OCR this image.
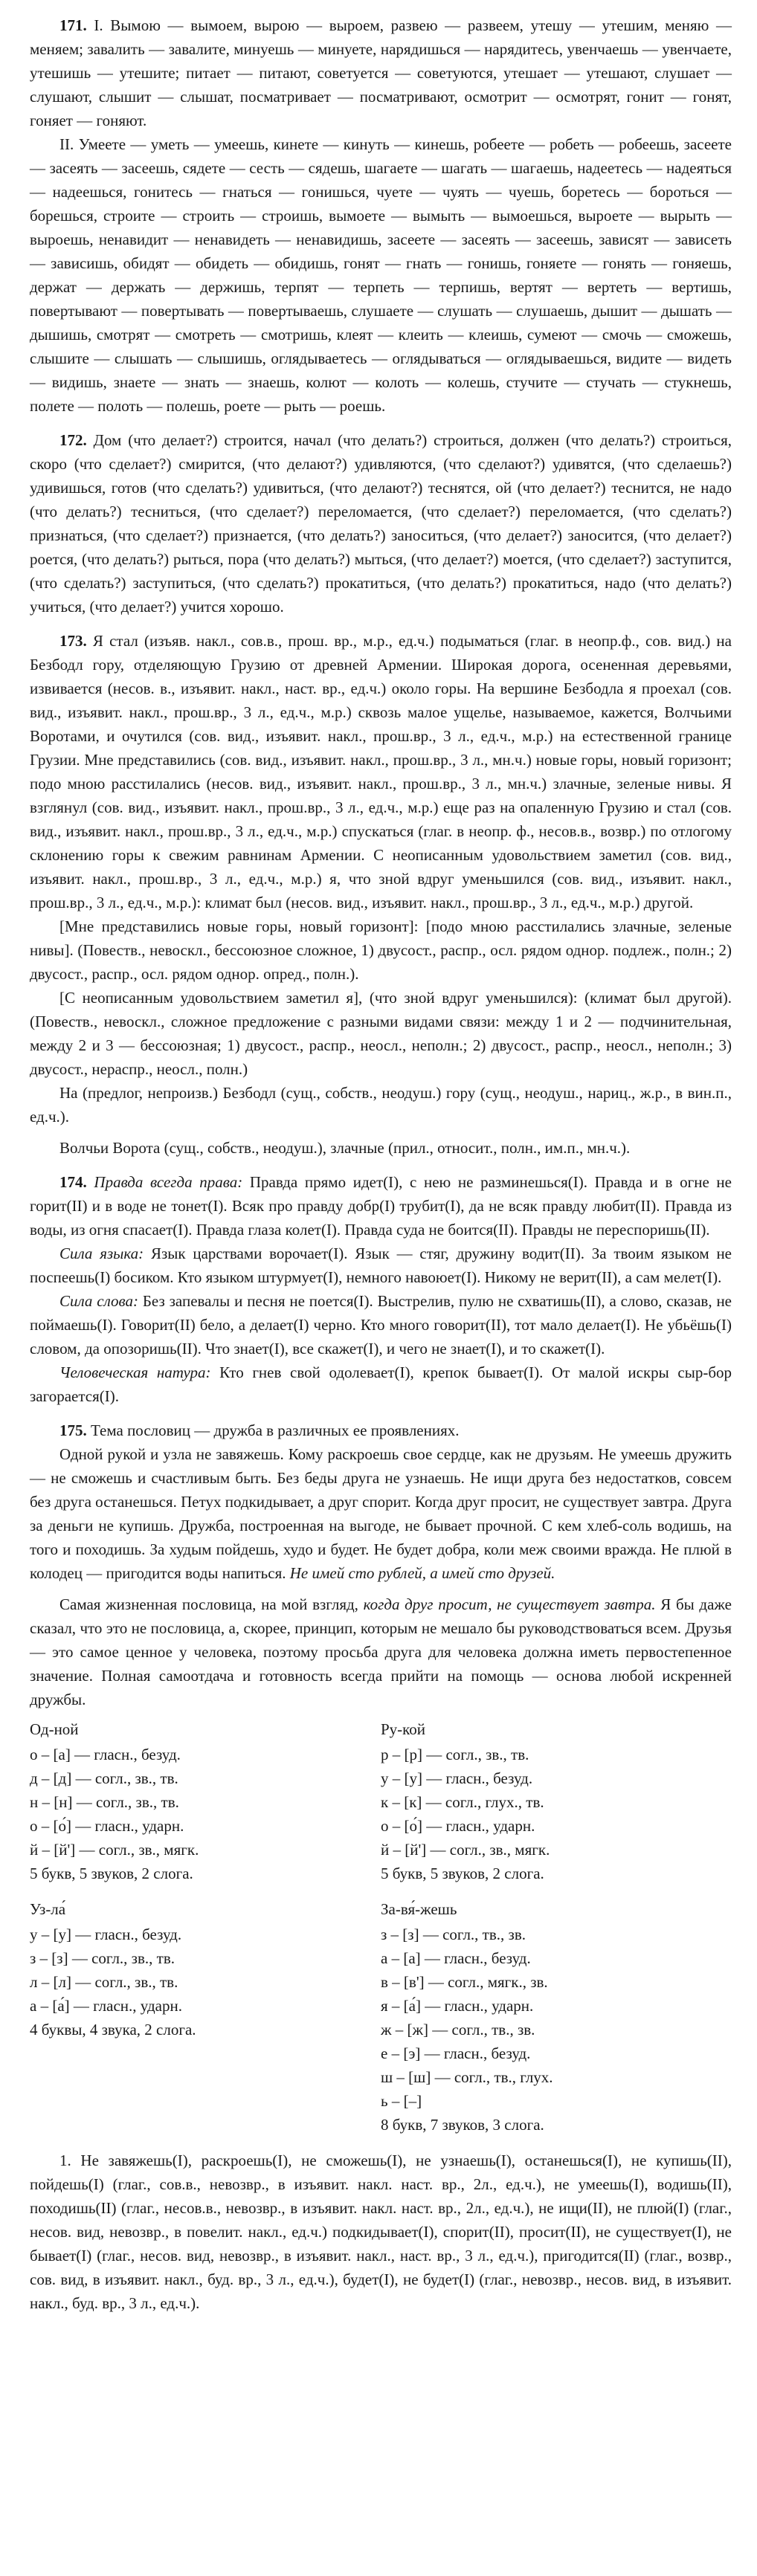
171. I. Вымою — вымоем, вырою — выроем, развею — развеем, утешу — утешим, меняю — меняем; завалить — завалите, минуешь — минуете, нарядишься — нарядитесь, увенчаешь — увенчаете, утешишь — утешите; питает — питают, советуется — советуются, утешает — утешают, слушает — слушают, слышит — слышат, посматривает — посматривают, осмотрит — осмотрят, гонит — гонят, гоняет — гоняют.

II. Умеете — уметь — умеешь, кинете — кинуть — кинешь, робеете — робеть — робеешь, засеете — засеять — засеешь, сядете — сесть — сядешь, шагаете — шагать — шагаешь, надеетесь — надеяться — надеешься, гонитесь — гнаться — гонишься, чуете — чуять — чуешь, боретесь — бороться — борешься, строите — строить — строишь, вымоете — вымыть — вымоешься, выроете — вырыть — выроешь, ненавидит — ненавидеть — ненавидишь, засеете — засеять — засеешь, зависят — зависеть — зависишь, обидят — обидеть — обидишь, гонят — гнать — гонишь, гоняете — гонять — гоняешь, держат — держать — держишь, терпят — терпеть — терпишь, вертят — вертеть — вертишь, повертывают — повертывать — повертываешь, слушаете — слушать — слушаешь, дышит — дышать — дышишь, смотрят — смотреть — смотришь, клеят — клеить — клеишь, сумеют — смочь — сможешь, слышите — слышать — слышишь, оглядываетесь — оглядываться — оглядываешься, видите — видеть — видишь, знаете — знать — знаешь, колют — колоть — колешь, стучите — стучать — стукнешь, полете — полоть — полешь, роете — рыть — роешь.

172. Дом (что делает?) строится, начал (что делать?) строиться, должен (что делать?) строиться, скоро (что сделает?) смирится, (что делают?) удивляются, (что сделают?) удивятся, (что сделаешь?) удивишься, готов (что сделать?) удивиться, (что делают?) теснятся, ой (что делает?) теснится, не надо (что делать?) тесниться, (что сделает?) переломается, (что сделает?) переломается, (что сделать?) признаться, (что сделает?) признается, (что делать?) заноситься, (что делает?) заносится, (что делает?) роется, (что делать?) рыться, пора (что делать?) мыться, (что делает?) моется, (что сделает?) заступится, (что сделать?) заступиться, (что сделать?) прокатиться, (что делать?) прокатиться, надо (что делать?) учиться, (что делает?) учится хорошо.

173. Я стал (изъяв. накл., сов.в., прош. вр., м.р., ед.ч.) подыматься (глаг. в неопр.ф., сов. вид.) на Безбодл гору, отделяющую Грузию от древней Армении. Широкая дорога, осененная деревьями, извивается (несов. в., изъявит. накл., наст. вр., ед.ч.) около горы. На вершине Безбодла я проехал (сов. вид., изъявит. накл., прош.вр., 3 л., ед.ч., м.р.) сквозь малое ущелье, называемое, кажется, Волчьими Воротами, и очутился (сов. вид., изъявит. накл., прош.вр., 3 л., ед.ч., м.р.) на естественной границе Грузии. Мне представились (сов. вид., изъявит. накл., прош.вр., 3 л., мн.ч.) новые горы, новый горизонт; подо мною расстилались (несов. вид., изъявит. накл., прош.вр., 3 л., мн.ч.) злачные, зеленые нивы. Я взглянул (сов. вид., изъявит. накл., прош.вр., 3 л., ед.ч., м.р.) еще раз на опаленную Грузию и стал (сов. вид., изъявит. накл., прош.вр., 3 л., ед.ч., м.р.) спускаться (глаг. в неопр. ф., несов.в., возвр.) по отлогому склонению горы к свежим равнинам Армении. С неописанным удовольствием заметил (сов. вид., изъявит. накл., прош.вр., 3 л., ед.ч., м.р.) я, что зной вдруг уменьшился (сов. вид., изъявит. накл., прош.вр., 3 л., ед.ч., м.р.): климат был (несов. вид., изъявит. накл., прош.вр., 3 л., ед.ч., м.р.) другой.

[Мне представились новые горы, новый горизонт]: [подо мною расстилались злачные, зеленые нивы]. (Повеств., невоскл., бессоюзное сложное, 1) двусост., распр., осл. рядом однор. подлеж., полн.; 2) двусост., распр., осл. рядом однор. опред., полн.).

[С неописанным удовольствием заметил я], (что зной вдруг уменьшился): (климат был другой). (Повеств., невоскл., сложное предложение с разными видами связи: между 1 и 2 — подчинительная, между 2 и 3 — бессоюзная; 1) двусост., распр., неосл., неполн.; 2) двусост., распр., неосл., неполн.; 3) двусост., нераспр., неосл., полн.)

На (предлог, непроизв.) Безбодл (сущ., собств., неодуш.) гору (сущ., неодуш., нариц., ж.р., в вин.п., ед.ч.).

Волчьи Ворота (сущ., собств., неодуш.), злачные (прил., относит., полн., им.п., мн.ч.).

174. Правда всегда права: Правда прямо идет(I), с нею не разминешься(I). Правда и в огне не горит(II) и в воде не тонет(I). Всяк про правду добр(I) трубит(I), да не всяк правду любит(II). Правда из воды, из огня спасает(I). Правда глаза колет(I). Правда суда не боится(II). Правды не переспоришь(II).

Сила языка: Язык царствами ворочает(I). Язык — стяг, дружину водит(II). За твоим языком не поспеешь(I) босиком. Кто языком штурмует(I), немного навоюет(I). Никому не верит(II), а сам мелет(I).

Сила слова: Без запевалы и песня не поется(I). Выстрелив, пулю не схватишь(II), а слово, сказав, не поймаешь(I). Говорит(II) бело, а делает(I) черно. Кто много говорит(II), тот мало делает(I). Не убьёшь(I) словом, да опозоришь(II). Что знает(I), все скажет(I), и чего не знает(I), и то скажет(I).

Человеческая натура: Кто гнев свой одолевает(I), крепок бывает(I). От малой искры сыр-бор загорается(I).

175. Тема пословиц — дружба в различных ее проявлениях.

Одной рукой и узла не завяжешь. Кому раскроешь свое сердце, как не друзьям. Не умеешь дружить — не сможешь и счастливым быть. Без беды друга не узнаешь. Не ищи друга без недостатков, совсем без друга останешься. Петух подкидывает, а друг спорит. Когда друг просит, не существует завтра. Друга за деньги не купишь. Дружба, построенная на выгоде, не бывает прочной. С кем хлеб-соль водишь, на того и походишь. За худым пойдешь, худо и будет. Не будет добра, коли меж своими вражда. Не плюй в колодец — пригодится воды напиться. Не имей сто рублей, а имей сто друзей.

Самая жизненная пословица, на мой взгляд, когда друг просит, не существует завтра. Я бы даже сказал, что это не пословица, а, скорее, принцип, которым не мешало бы руководствоваться всем. Друзья — это самое ценное у человека, поэтому просьба друга для человека должна иметь первостепенное значение. Полная самоотдача и готовность всегда прийти на помощь — основа любой искренней дружбы.

Од-ной
о – [а] — гласн., безуд.
д – [д] — согл., зв., тв.
н – [н] — согл., зв., тв.
о – [о́] — гласн., ударн.
й – [й'] — согл., зв., мягк.
5 букв, 5 звуков, 2 слога.
Ру-кой
р – [р] — согл., зв., тв.
у – [у] — гласн., безуд.
к – [к] — согл., глух., тв.
о – [о́] — гласн., ударн.
й – [й'] — согл., зв., мягк.
5 букв, 5 звуков, 2 слога.
Уз-ла́
у – [у] — гласн., безуд.
з – [з] — согл., зв., тв.
л – [л] — согл., зв., тв.
а – [а́] — гласн., ударн.
4 буквы, 4 звука, 2 слога.
За-вя́-жешь
з – [з] — согл., тв., зв.
а – [а] — гласн., безуд.
в – [в'] — согл., мягк., зв.
я – [а́] — гласн., ударн.
ж – [ж] — согл., тв., зв.
е – [э] — гласн., безуд.
ш – [ш] — согл., тв., глух.
ь – [–]
8 букв, 7 звуков, 3 слога.

1. Не завяжешь(I), раскроешь(I), не сможешь(I), не узнаешь(I), останешься(I), не купишь(II), пойдешь(I) (глаг., сов.в., невозвр., в изъявит. накл. наст. вр., 2л., ед.ч.), не умеешь(I), водишь(II), походишь(II) (глаг., несов.в., невозвр., в изъявит. накл. наст. вр., 2л., ед.ч.), не ищи(II), не плюй(I) (глаг., несов. вид, невозвр., в повелит. накл., ед.ч.) подкидывает(I), спорит(II), просит(II), не существует(I), не бывает(I) (глаг., несов. вид, невозвр., в изъявит. накл., наст. вр., 3 л., ед.ч.), пригодится(II) (глаг., возвр., сов. вид, в изъявит. накл., буд. вр., 3 л., ед.ч.), будет(I), не будет(I) (глаг., невозвр., несов. вид, в изъявит. накл., буд. вр., 3 л., ед.ч.).
